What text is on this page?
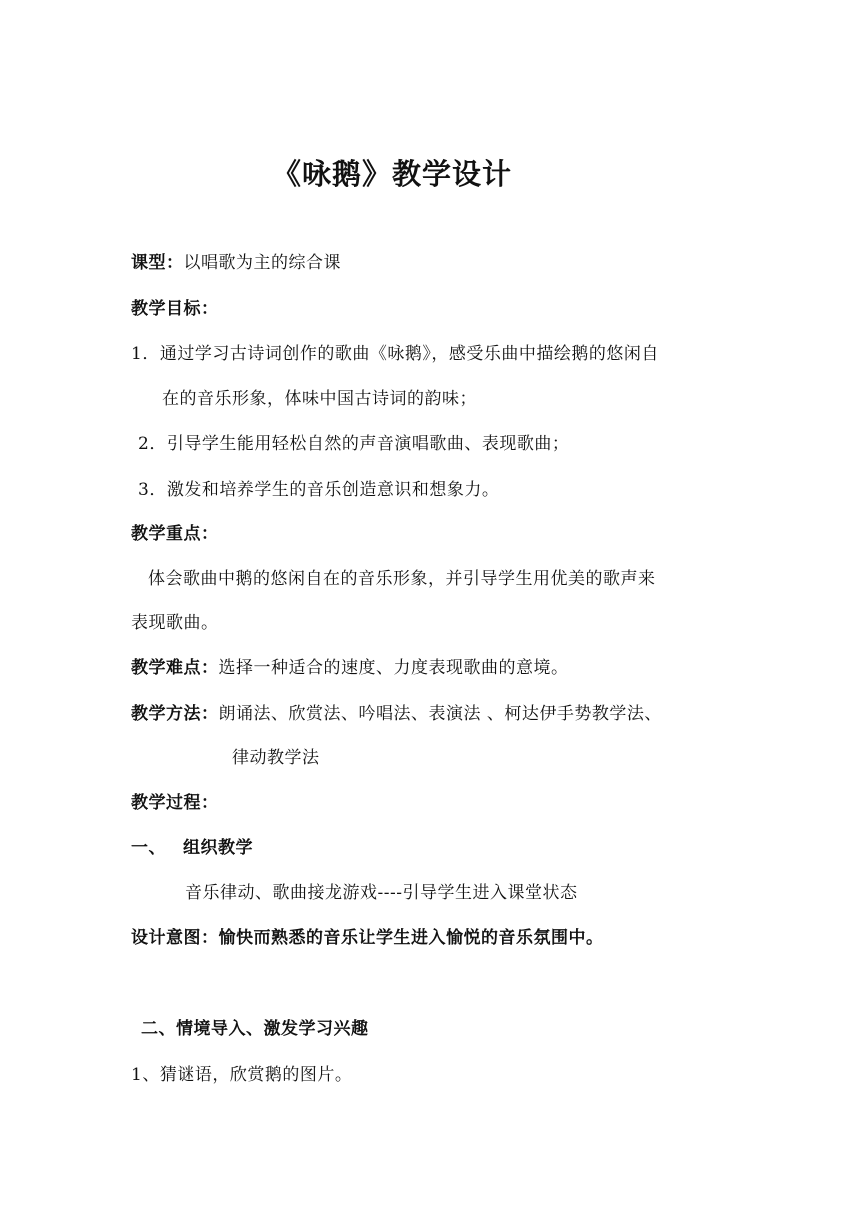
《咏鹅》教学设计
课型：以唱歌为主的综合课
教学目标：
1．通过学习古诗词创作的歌曲《咏鹅》，感受乐曲中描绘鹅的悠闲自
在的音乐形象，体味中国古诗词的韵味；
2．引导学生能用轻松自然的声音演唱歌曲、表现歌曲；
3．激发和培养学生的音乐创造意识和想象力。
教学重点：
体会歌曲中鹅的悠闲自在的音乐形象，并引导学生用优美的歌声来
表现歌曲。
教学难点：选择一种适合的速度、力度表现歌曲的意境。
教学方法：朗诵法、欣赏法、吟唱法、表演法 、柯达伊手势教学法、
律动教学法
教学过程：
一、 组织教学
音乐律动、歌曲接龙游戏----引导学生进入课堂状态
设计意图：愉快而熟悉的音乐让学生进入愉悦的音乐氛围中。
二、情境导入、激发学习兴趣
1、猜谜语，欣赏鹅的图片。
